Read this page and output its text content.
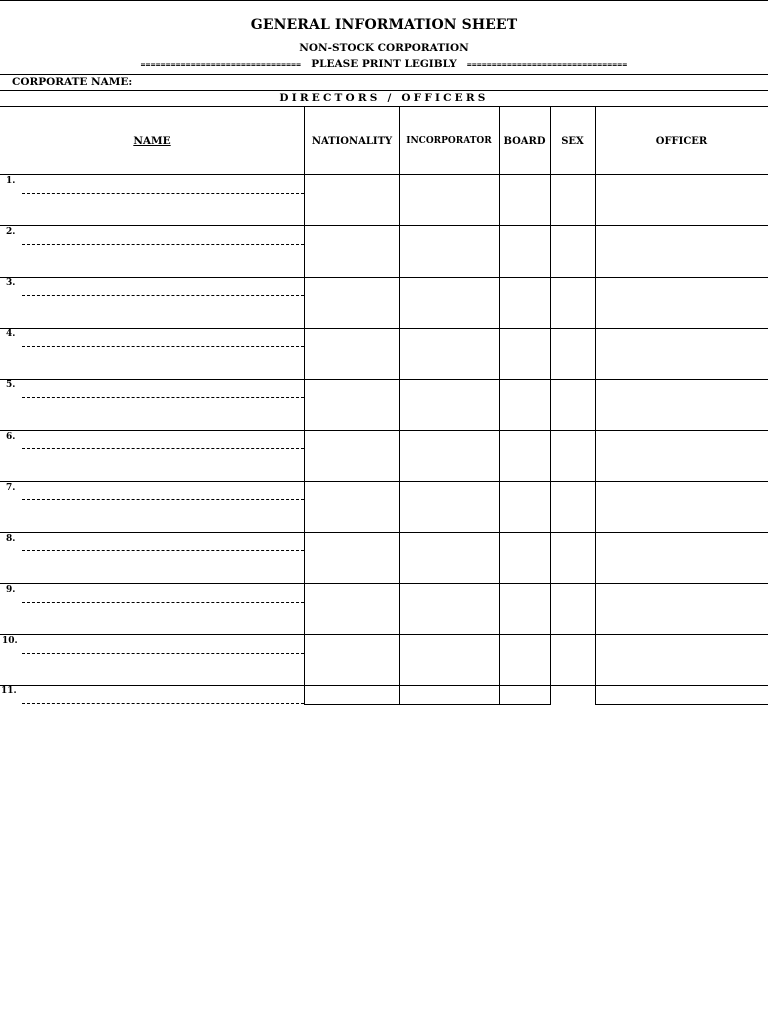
GENERAL INFORMATION SHEET
NON-STOCK CORPORATION
================================ PLEASE PRINT LEGIBLY ================================
CORPORATE NAME:
DIRECTORS / OFFICERS
NAME	NATIONALITY	INCORPORATOR	BOARD	SEX	OFFICER
1.
2.
3.
4.
5.
6.
7.
8.
9.
10.
11.
